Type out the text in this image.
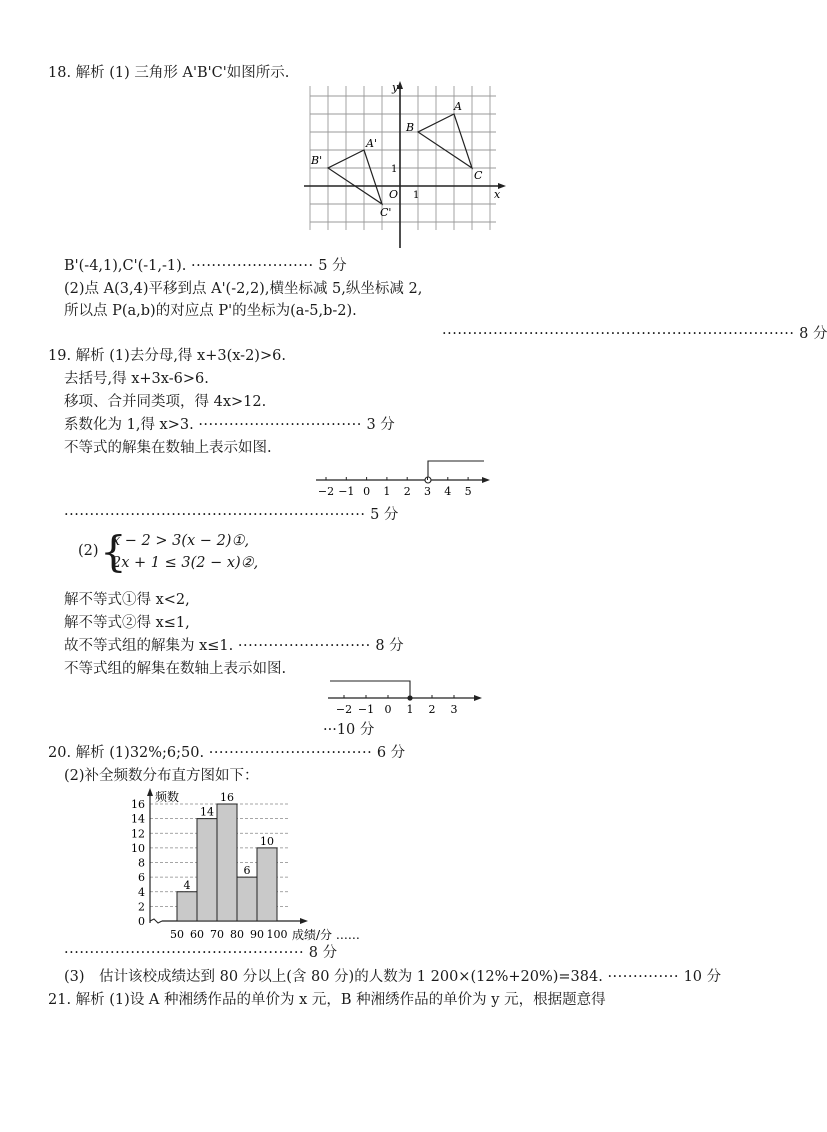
18. 解析 (1) 三角形 A'B'C'如图所示.
y
x
O 1
1
A
B
C
A'
B'
C'
B'(-4,1),C'(-1,-1). ························ 5 分
(2)点 A(3,4)平移到点 A'(-2,2),横坐标减 5,纵坐标减 2,
所以点 P(a,b)的对应点 P'的坐标为(a-5,b-2).
····································································· 8 分
19. 解析 (1)去分母,得 x+3(x-2)>6.
去括号,得 x+3x-6>6.
移项、合并同类项，得 4x>12.
系数化为 1,得 x>3. ································ 3 分
不等式的解集在数轴上表示如图.
−2 −1 0 1 2 3 4 5
··························································· 5 分
(2) {
x − 2 > 3(x − 2)①,
2x + 1 ≤ 3(2 − x)②,
解不等式①得 x<2,
解不等式②得 x≤1,
故不等式组的解集为 x≤1. ·························· 8 分
不等式组的解集在数轴上表示如图.
−2 −1 0 1 2 3
···10 分
20. 解析 (1)32%;6;50. ································ 6 分
(2)补全频数分布直方图如下：
0
2
4
6
8
10
12
14
16
频数
成绩/分 ……
4
14
16
6
10
50 60 70 80 90 100
··············································· 8 分
(3)　估计该校成绩达到 80 分以上(含 80 分)的人数为 1 200×(12%+20%)=384. ·············· 10 分
21. 解析 (1)设 A 种湘绣作品的单价为 x 元，B 种湘绣作品的单价为 y 元，根据题意得
